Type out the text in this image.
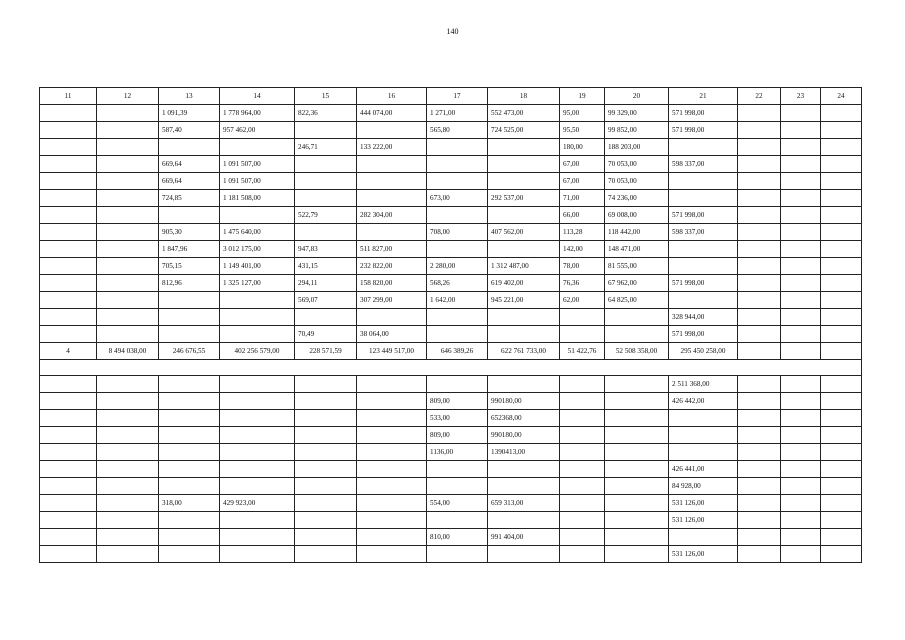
140
11	12	13	14	15	16	17	18	19	20	21	22	23	24
		1 091,39	1 778 964,00	822,36	444 074,00	1 271,00	552 473,00	95,00	99 329,00	571 998,00			
		587,40	957 462,00			565,80	724 525,00	95,50	99 852,00	571 998,00			
				246,71	133 222,00			180,00	188 203,00				
		669,64	1 091 507,00					67,00	70 053,00	598 337,00			
		669,64	1 091 507,00					67,00	70 053,00				
		724,85	1 181 508,00			673,00	292 537,00	71,00	74 236,00				
				522,79	282 304,00			66,00	69 008,00	571 998,00			
		905,30	1 475 640,00			708,00	407 562,00	113,28	118 442,00	598 337,00			
		1 847,96	3 012 175,00	947,83	511 827,00			142,00	148 471,00				
		705,15	1 149 401,00	431,15	232 822,00	2 280,00	1 312 487,00	78,00	81 555,00				
		812,96	1 325 127,00	294,11	158 820,00	568,26	619 402,00	76,36	67 962,00	571 998,00			
				569,07	307 299,00	1 642,00	945 221,00	62,00	64 825,00				
										328 944,00			
				70,49	38 064,00					571 998,00			
4	8 494 038,00	246 676,55	402 256 579,00	228 571,59	123 449 517,00	646 389,26	622 761 733,00	51 422,76	52 508 358,00	295 450 258,00			

										2 511 368,00			
						809,00	990180,00			426 442,00			
						533,00	652368,00						
						809,00	990180,00						
						1136,00	1390413,00						
										426 441,00			
										84 928,00			
		318,00	429 923,00			554,00	659 313,00			531 126,00			
										531 126,00			
						810,00	991 404,00						
										531 126,00			
